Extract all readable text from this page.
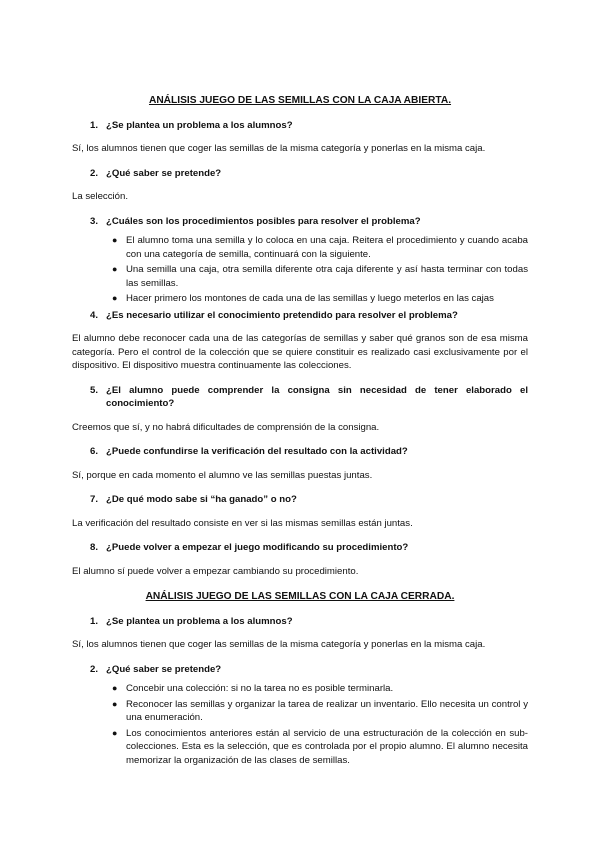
ANÁLISIS JUEGO DE LAS SEMILLAS CON LA CAJA ABIERTA.
1. ¿Se plantea un problema a los alumnos?
Sí, los alumnos tienen que coger las semillas de la misma categoría y ponerlas en la misma caja.
2. ¿Qué saber se pretende?
La selección.
3. ¿Cuáles son los procedimientos posibles para resolver el problema?
● El alumno toma una semilla y lo coloca en una caja. Reitera el procedimiento y cuando acaba con una categoría de semilla, continuará con la siguiente.
● Una semilla una caja, otra semilla diferente otra caja diferente y así hasta terminar con todas las semillas.
● Hacer primero los montones de cada una de las semillas y luego meterlos en las cajas
4. ¿Es necesario utilizar el conocimiento pretendido para resolver el problema?
El alumno debe reconocer cada una de las categorías de semillas y saber qué granos son de esa misma categoría. Pero el control de la colección que se quiere constituir es realizado casi exclusivamente por el dispositivo. El dispositivo muestra continuamente las colecciones.
5. ¿El alumno puede comprender la consigna sin necesidad de tener elaborado el conocimiento?
Creemos que sí, y no habrá dificultades de comprensión de la consigna.
6. ¿Puede confundirse la verificación del resultado con la actividad?
Sí, porque en cada momento el alumno ve las semillas puestas juntas.
7. ¿De qué modo sabe si “ha ganado” o no?
La verificación del resultado consiste en ver si las mismas semillas están juntas.
8. ¿Puede volver a empezar el juego modificando su procedimiento?
El alumno sí puede volver a empezar cambiando su procedimiento.
ANÁLISIS JUEGO DE LAS SEMILLAS CON LA CAJA CERRADA.
1. ¿Se plantea un problema a los alumnos?
Sí, los alumnos tienen que coger las semillas de la misma categoría y ponerlas en la misma caja.
2. ¿Qué saber se pretende?
● Concebir una colección: si no la tarea no es posible terminarla.
● Reconocer las semillas y organizar la tarea de realizar un inventario. Ello necesita un control y una enumeración.
● Los conocimientos anteriores están al servicio de una estructuración de la colección en sub-colecciones. Esta es la selección, que es controlada por el propio alumno. El alumno necesita memorizar la organización de las clases de semillas.
